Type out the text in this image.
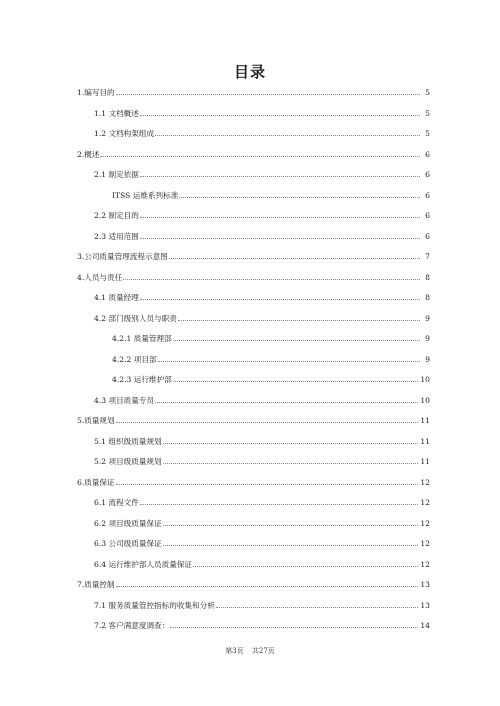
目录
1.编写目的	5
1.1 文档概述	5
1.2 文档构架组成	5
2.概述	6
2.1 制定依据	6
ITSS 运维系列标准	6
2.2 制定目的	6
2.3 适用范围	6
3.公司质量管理流程示意图	7
4.人员与责任	8
4.1 质量经理	8
4.2 部门级别人员与职责	9
4.2.1 质量管理部	9
4.2.2 项目部	9
4.2.3 运行维护部	10
4.3 项目质量专员	10
5.质量规划	11
5.1 组织级质量规划	11
5.2 项目级质量规划	11
6.质量保证	12
6.1 流程文件	12
6.2 项目级质量保证	12
6.3 公司级质量保证	12
6.4 运行维护部人员质量保证	12
7.质量控制	13
7.1 服务质量管控指标的收集和分析	13
7.2 客户满意度调查：	14
第3页 共27页
